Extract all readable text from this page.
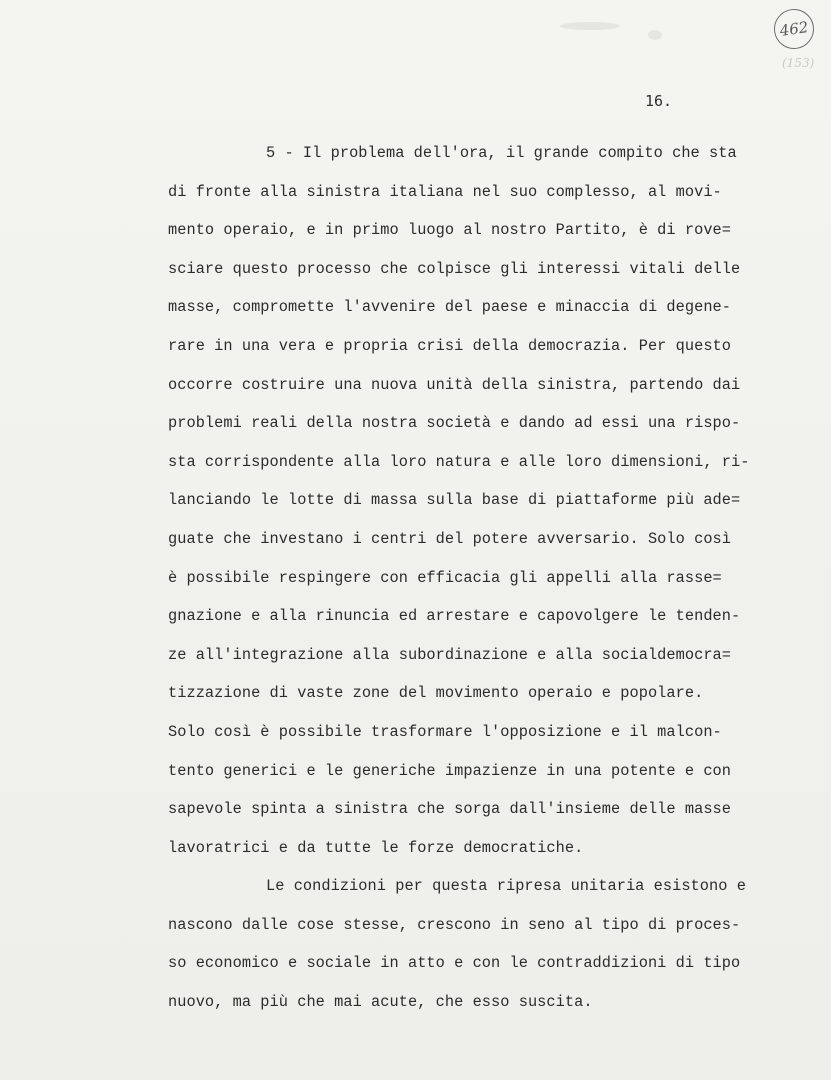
462
(153)
16.
5 - Il problema dell'ora, il grande compito che sta
di fronte alla sinistra italiana nel suo complesso, al movi-
mento operaio, e in primo luogo al nostro Partito, è di rove=
sciare questo processo che colpisce gli interessi vitali delle
masse, compromette l'avvenire del paese e minaccia di degene-
rare in una vera e propria crisi della democrazia. Per questo
occorre costruire una nuova unità della sinistra, partendo dai
problemi reali della nostra società e dando ad essi una rispo-
sta corrispondente alla loro natura e alle loro dimensioni, ri-
lanciando le lotte di massa sulla base di piattaforme più ade=
guate che investano i centri del potere avversario. Solo così
è possibile respingere con efficacia gli appelli alla rasse=
gnazione e alla rinuncia ed arrestare e capovolgere le tenden-
ze all'integrazione alla subordinazione e alla socialdemocra=
tizzazione di vaste zone del movimento operaio e popolare.
Solo così è possibile trasformare l'opposizione e il malcon-
tento generici e le generiche impazienze in una potente e con
sapevole spinta a sinistra che sorga dall'insieme delle masse
lavoratrici e da tutte le forze democratiche.
Le condizioni per questa ripresa unitaria esistono e
nascono dalle cose stesse, crescono in seno al tipo di proces-
so economico e sociale in atto e con le contraddizioni di tipo
nuovo, ma più che mai acute, che esso suscita.
